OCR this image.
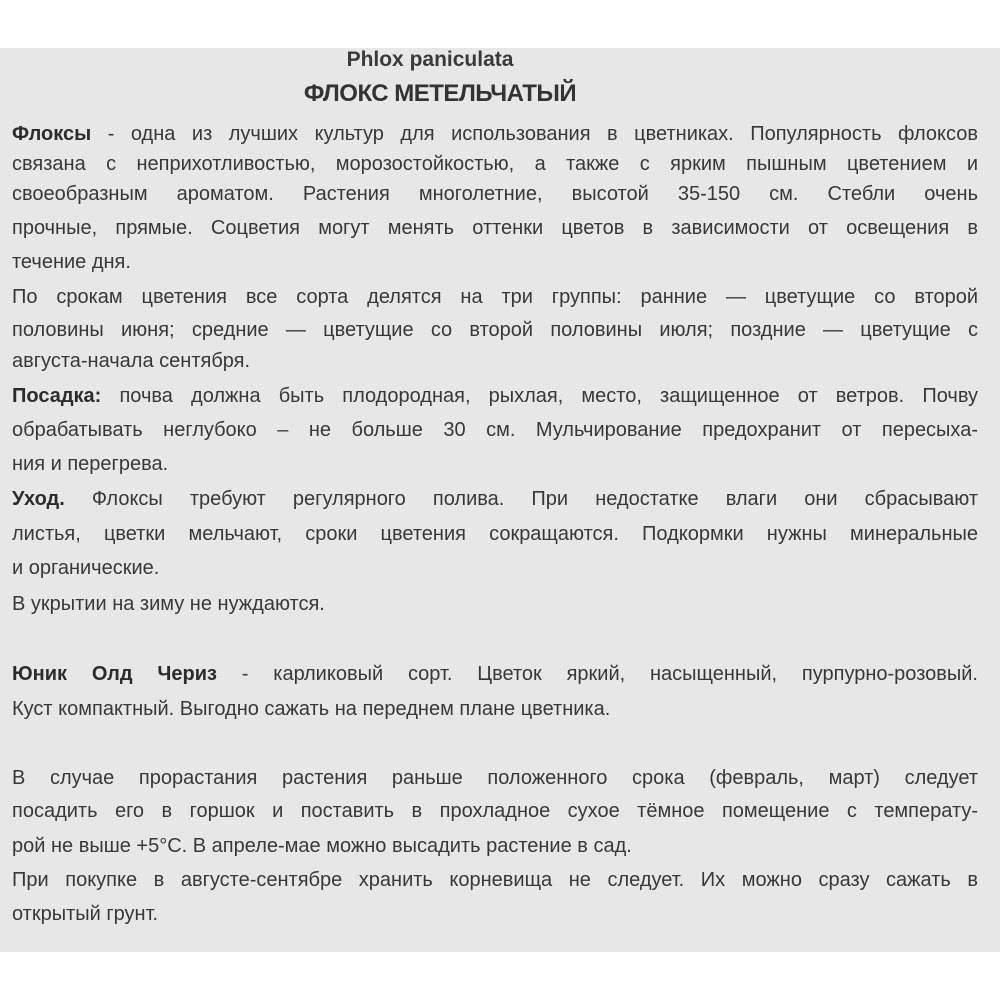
Phlox paniculata
ФЛОКС МЕТЕЛЬЧАТЫЙ
Флоксы - одна из лучших культур для использования в цветниках. Популярность флоксов
связана с неприхотливостью, морозостойкостью, а также с ярким пышным цветением и
своеобразным ароматом. Растения многолетние, высотой 35-150 см. Стебли очень
прочные, прямые. Соцветия могут менять оттенки цветов в зависимости от освещения в
течение дня.
По срокам цветения все сорта делятся на три группы: ранние — цветущие со второй
половины июня; средние — цветущие со второй половины июля; поздние — цветущие с
августа-начала сентября.
Посадка: почва должна быть плодородная, рыхлая, место, защищенное от ветров. Почву
обрабатывать неглубоко – не больше 30 см. Мульчирование предохранит от пересыха-
ния и перегрева.
Уход. Флоксы требуют регулярного полива. При недостатке влаги они сбрасывают
листья, цветки мельчают, сроки цветения сокращаются. Подкормки нужны минеральные
и органические.
В укрытии на зиму не нуждаются.
Юник Олд Чериз - карликовый сорт. Цветок яркий, насыщенный, пурпурно-розовый.
Куст компактный. Выгодно сажать на переднем плане цветника.
В случае прорастания растения раньше положенного срока (февраль, март) следует
посадить его в горшок и поставить в прохладное сухое тёмное помещение с температу-
рой не выше +5°С. В апреле-мае можно высадить растение в сад.
При покупке в августе-сентябре хранить корневища не следует. Их можно сразу сажать в
открытый грунт.
